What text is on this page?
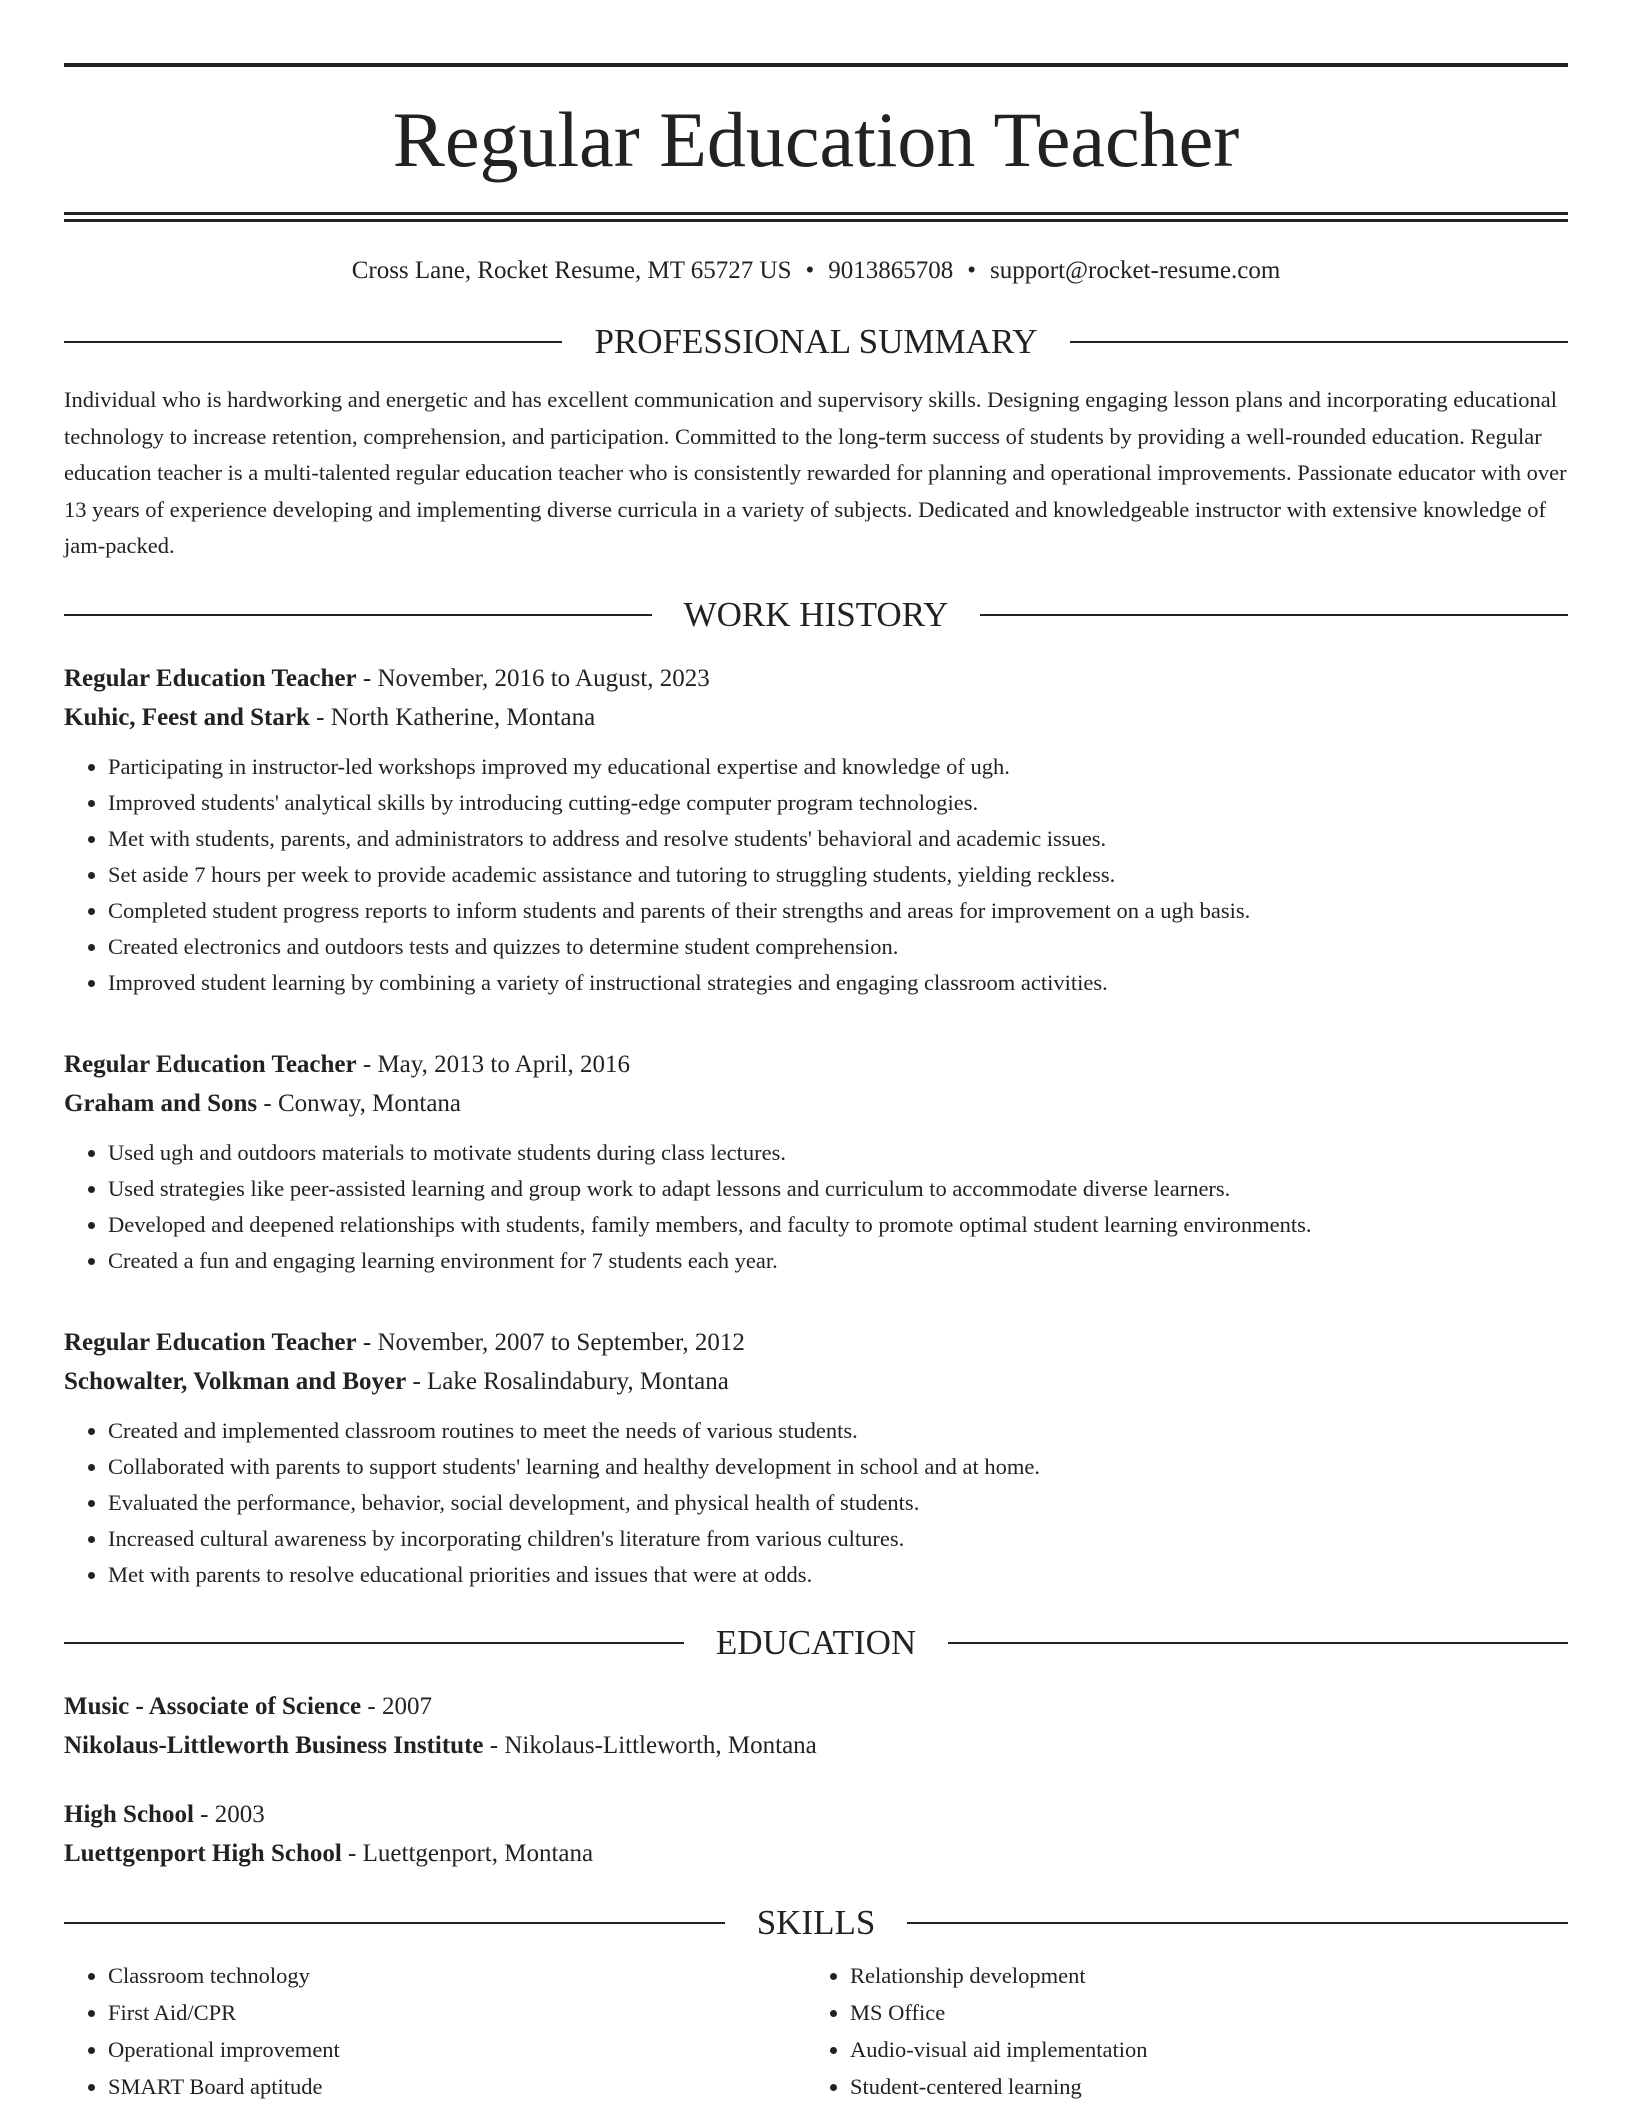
Regular Education Teacher
Cross Lane, Rocket Resume, MT 65727 US • 9013865708 • support@rocket-resume.com
PROFESSIONAL SUMMARY
Individual who is hardworking and energetic and has excellent communication and supervisory skills. Designing engaging lesson plans and incorporating educational technology to increase retention, comprehension, and participation. Committed to the long-term success of students by providing a well-rounded education. Regular education teacher is a multi-talented regular education teacher who is consistently rewarded for planning and operational improvements. Passionate educator with over 13 years of experience developing and implementing diverse curricula in a variety of subjects. Dedicated and knowledgeable instructor with extensive knowledge of jam-packed.
WORK HISTORY
Regular Education Teacher - November, 2016 to August, 2023
Kuhic, Feest and Stark - North Katherine, Montana
• Participating in instructor-led workshops improved my educational expertise and knowledge of ugh.
• Improved students' analytical skills by introducing cutting-edge computer program technologies.
• Met with students, parents, and administrators to address and resolve students' behavioral and academic issues.
• Set aside 7 hours per week to provide academic assistance and tutoring to struggling students, yielding reckless.
• Completed student progress reports to inform students and parents of their strengths and areas for improvement on a ugh basis.
• Created electronics and outdoors tests and quizzes to determine student comprehension.
• Improved student learning by combining a variety of instructional strategies and engaging classroom activities.
Regular Education Teacher - May, 2013 to April, 2016
Graham and Sons - Conway, Montana
• Used ugh and outdoors materials to motivate students during class lectures.
• Used strategies like peer-assisted learning and group work to adapt lessons and curriculum to accommodate diverse learners.
• Developed and deepened relationships with students, family members, and faculty to promote optimal student learning environments.
• Created a fun and engaging learning environment for 7 students each year.
Regular Education Teacher - November, 2007 to September, 2012
Schowalter, Volkman and Boyer - Lake Rosalindabury, Montana
• Created and implemented classroom routines to meet the needs of various students.
• Collaborated with parents to support students' learning and healthy development in school and at home.
• Evaluated the performance, behavior, social development, and physical health of students.
• Increased cultural awareness by incorporating children's literature from various cultures.
• Met with parents to resolve educational priorities and issues that were at odds.
EDUCATION
Music - Associate of Science - 2007
Nikolaus-Littleworth Business Institute - Nikolaus-Littleworth, Montana
High School - 2003
Luettgenport High School - Luettgenport, Montana
SKILLS
• Classroom technology
• First Aid/CPR
• Operational improvement
• SMART Board aptitude
• Relationship development
• MS Office
• Audio-visual aid implementation
• Student-centered learning
